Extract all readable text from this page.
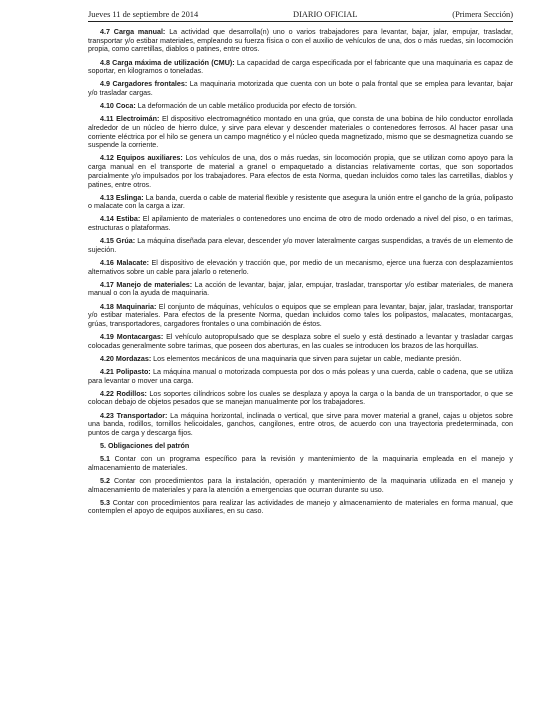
Jueves 11 de septiembre de 2014	DIARIO OFICIAL	(Primera Sección)

4.7 Carga manual: La actividad que desarrolla(n) uno o varios trabajadores para levantar, bajar, jalar, empujar, trasladar, transportar y/o estibar materiales, empleando su fuerza física o con el auxilio de vehículos de una, dos o más ruedas, sin locomoción propia, como carretillas, diablos o patines, entre otros.

4.8 Carga máxima de utilización (CMU): La capacidad de carga especificada por el fabricante que una maquinaria es capaz de soportar, en kilogramos o toneladas.

4.9 Cargadores frontales: La maquinaria motorizada que cuenta con un bote o pala frontal que se emplea para levantar, bajar y/o trasladar cargas.

4.10 Coca: La deformación de un cable metálico producida por efecto de torsión.

4.11 Electroimán: El dispositivo electromagnético montado en una grúa, que consta de una bobina de hilo conductor enrollada alrededor de un núcleo de hierro dulce, y sirve para elevar y descender materiales o contenedores ferrosos. Al hacer pasar una corriente eléctrica por el hilo se genera un campo magnético y el núcleo queda magnetizado, mismo que se desmagnetiza cuando se suspende la corriente.

4.12 Equipos auxiliares: Los vehículos de una, dos o más ruedas, sin locomoción propia, que se utilizan como apoyo para la carga manual en el transporte de material a granel o empaquetado a distancias relativamente cortas, que son soportados parcialmente y/o impulsados por los trabajadores. Para efectos de esta Norma, quedan incluidos como tales las carretillas, diablos y patines, entre otros.

4.13 Eslinga: La banda, cuerda o cable de material flexible y resistente que asegura la unión entre el gancho de la grúa, polipasto o malacate con la carga a izar.

4.14 Estiba: El apilamiento de materiales o contenedores uno encima de otro de modo ordenado a nivel del piso, o en tarimas, estructuras o plataformas.

4.15 Grúa: La máquina diseñada para elevar, descender y/o mover lateralmente cargas suspendidas, a través de un elemento de sujeción.

4.16 Malacate: El dispositivo de elevación y tracción que, por medio de un mecanismo, ejerce una fuerza con desplazamientos alternativos sobre un cable para jalarlo o retenerlo.

4.17 Manejo de materiales: La acción de levantar, bajar, jalar, empujar, trasladar, transportar y/o estibar materiales, de manera manual o con la ayuda de maquinaria.

4.18 Maquinaria: El conjunto de máquinas, vehículos o equipos que se emplean para levantar, bajar, jalar, trasladar, transportar y/o estibar materiales. Para efectos de la presente Norma, quedan incluidos como tales los polipastos, malacates, montacargas, grúas, transportadores, cargadores frontales o una combinación de éstos.

4.19 Montacargas: El vehículo autopropulsado que se desplaza sobre el suelo y está destinado a levantar y trasladar cargas colocadas generalmente sobre tarimas, que poseen dos aberturas, en las cuales se introducen los brazos de las horquillas.

4.20 Mordazas: Los elementos mecánicos de una maquinaria que sirven para sujetar un cable, mediante presión.

4.21 Polipasto: La máquina manual o motorizada compuesta por dos o más poleas y una cuerda, cable o cadena, que se utiliza para levantar o mover una carga.

4.22 Rodillos: Los soportes cilíndricos sobre los cuales se desplaza y apoya la carga o la banda de un transportador, o que se colocan debajo de objetos pesados que se manejan manualmente por los trabajadores.

4.23 Transportador: La máquina horizontal, inclinada o vertical, que sirve para mover material a granel, cajas u objetos sobre una banda, rodillos, tornillos helicoidales, ganchos, cangilones, entre otros, de acuerdo con una trayectoria predeterminada, con puntos de carga y descarga fijos.

5. Obligaciones del patrón

5.1 Contar con un programa específico para la revisión y mantenimiento de la maquinaria empleada en el manejo y almacenamiento de materiales.

5.2 Contar con procedimientos para la instalación, operación y mantenimiento de la maquinaria utilizada en el manejo y almacenamiento de materiales y para la atención a emergencias que ocurran durante su uso.

5.3 Contar con procedimientos para realizar las actividades de manejo y almacenamiento de materiales en forma manual, que contemplen el apoyo de equipos auxiliares, en su caso.
